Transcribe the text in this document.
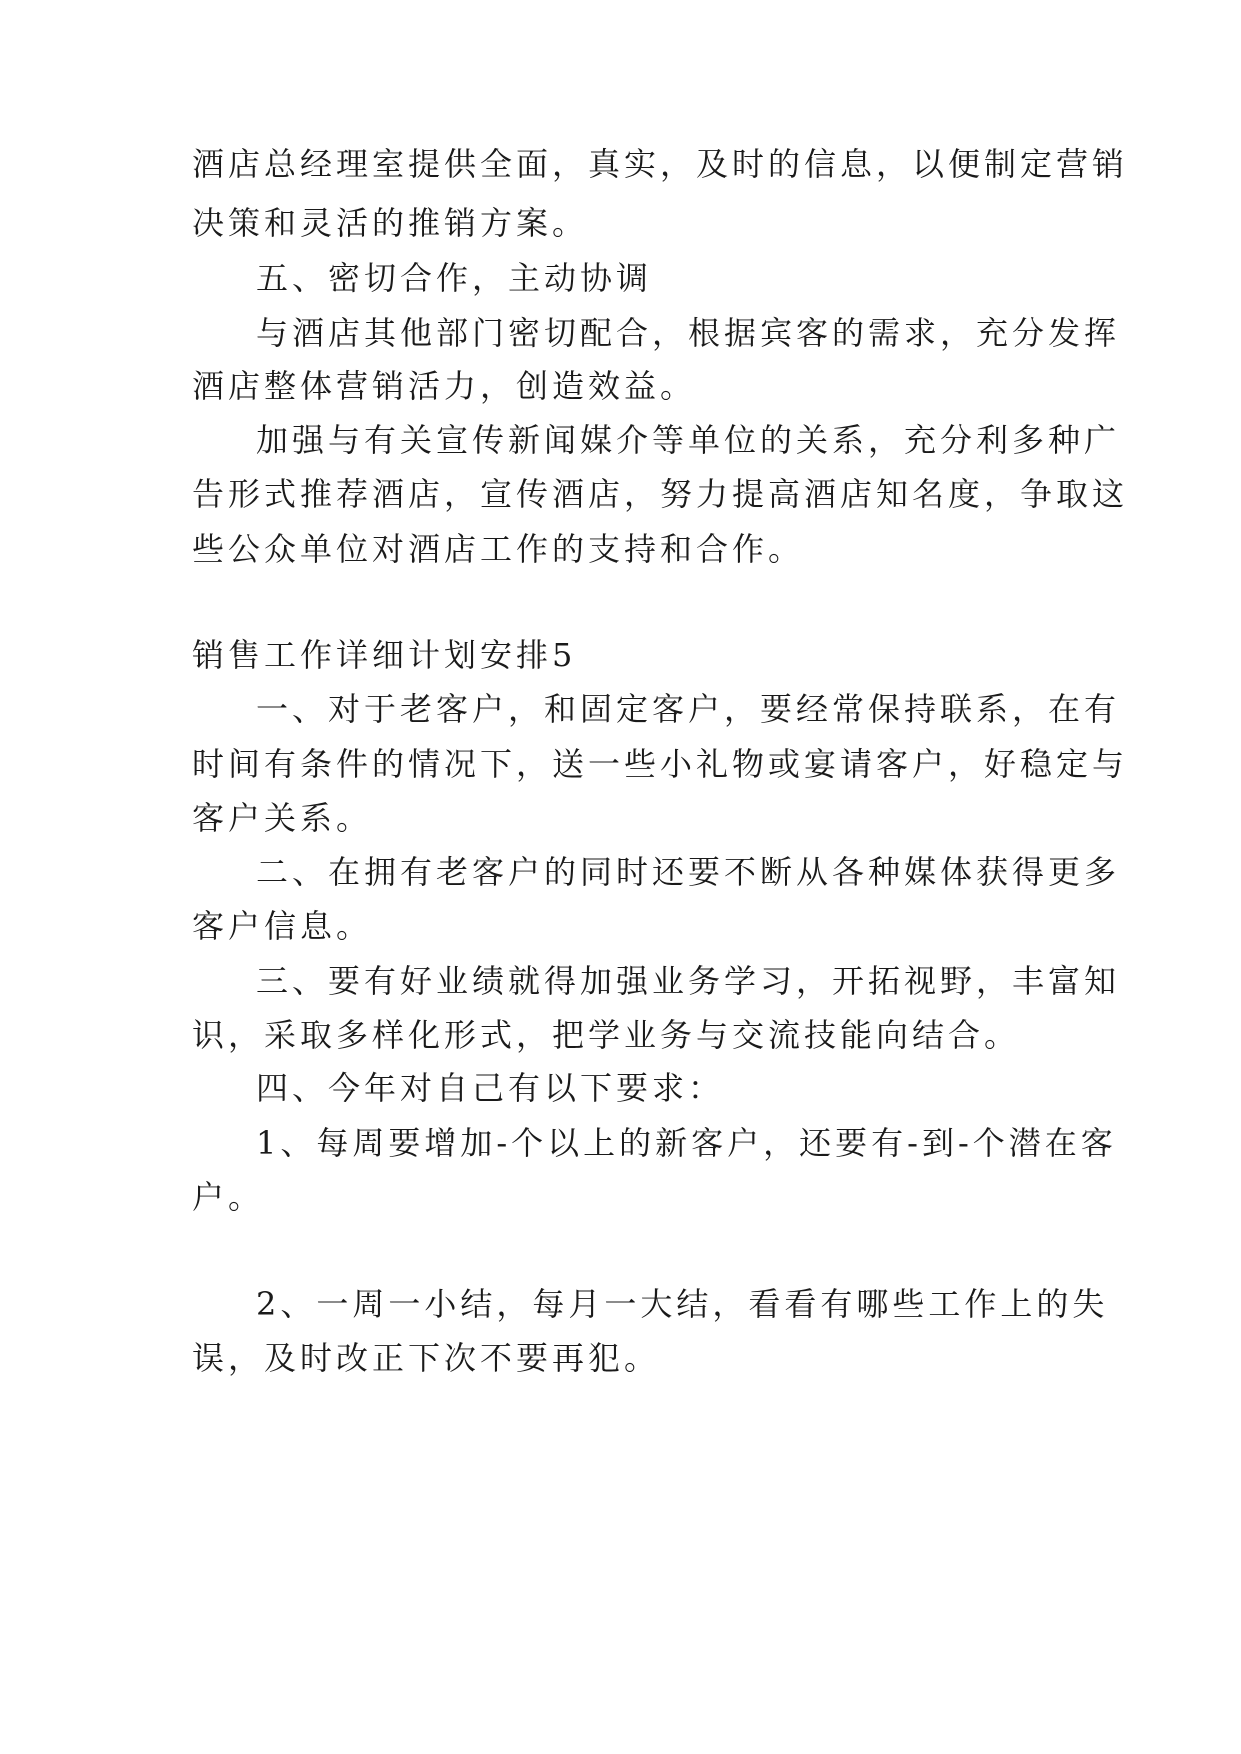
酒店总经理室提供全面，真实，及时的信息，以便制定营销
决策和灵活的推销方案。
五、密切合作，主动协调
与酒店其他部门密切配合，根据宾客的需求，充分发挥
酒店整体营销活力，创造效益。
加强与有关宣传新闻媒介等单位的关系，充分利多种广
告形式推荐酒店，宣传酒店，努力提高酒店知名度，争取这
些公众单位对酒店工作的支持和合作。
销售工作详细计划安排5
一、对于老客户，和固定客户，要经常保持联系，在有
时间有条件的情况下，送一些小礼物或宴请客户，好稳定与
客户关系。
二、在拥有老客户的同时还要不断从各种媒体获得更多
客户信息。
三、要有好业绩就得加强业务学习，开拓视野，丰富知
识，采取多样化形式，把学业务与交流技能向结合。
四、今年对自己有以下要求：
1、每周要增加-个以上的新客户，还要有-到-个潜在客
户。
2、一周一小结，每月一大结，看看有哪些工作上的失
误，及时改正下次不要再犯。
